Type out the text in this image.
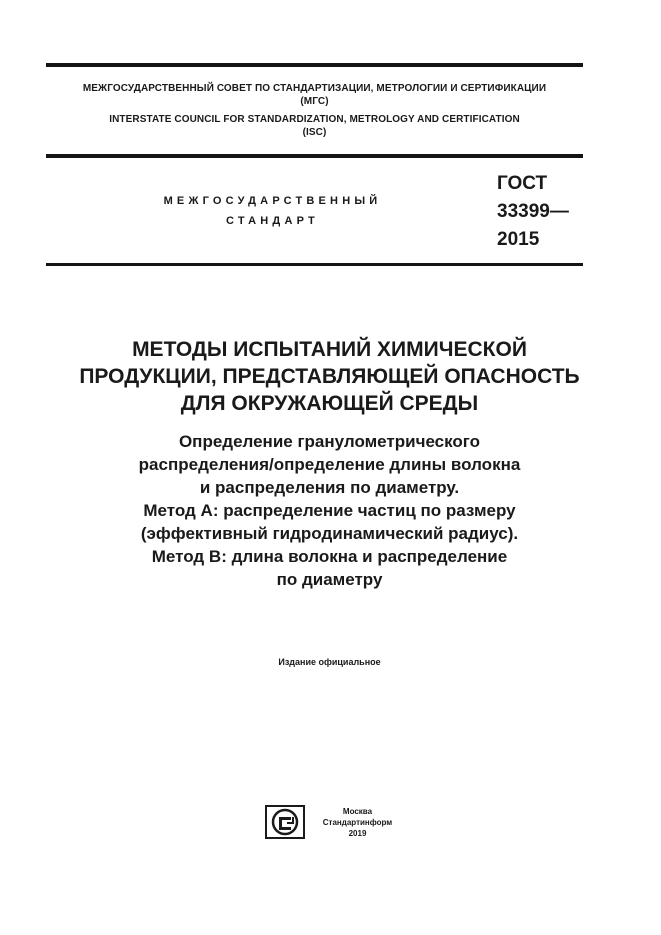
МЕЖГОСУДАРСТВЕННЫЙ СОВЕТ ПО СТАНДАРТИЗАЦИИ, МЕТРОЛОГИИ И СЕРТИФИКАЦИИ
(МГС)
INTERSTATE COUNCIL FOR STANDARDIZATION, METROLOGY AND CERTIFICATION
(ISC)
МЕЖГОСУДАРСТВЕННЫЙ
СТАНДАРТ
ГОСТ
33399—
2015
МЕТОДЫ ИСПЫТАНИЙ ХИМИЧЕСКОЙ
ПРОДУКЦИИ, ПРЕДСТАВЛЯЮЩЕЙ ОПАСНОСТЬ
ДЛЯ ОКРУЖАЮЩЕЙ СРЕДЫ
Определение гранулометрического
распределения/определение длины волокна
и распределения по диаметру.
Метод А: распределение частиц по размеру
(эффективный гидродинамический радиус).
Метод В: длина волокна и распределение
по диаметру
Издание официальное
Москва
Стандартинформ
2019
